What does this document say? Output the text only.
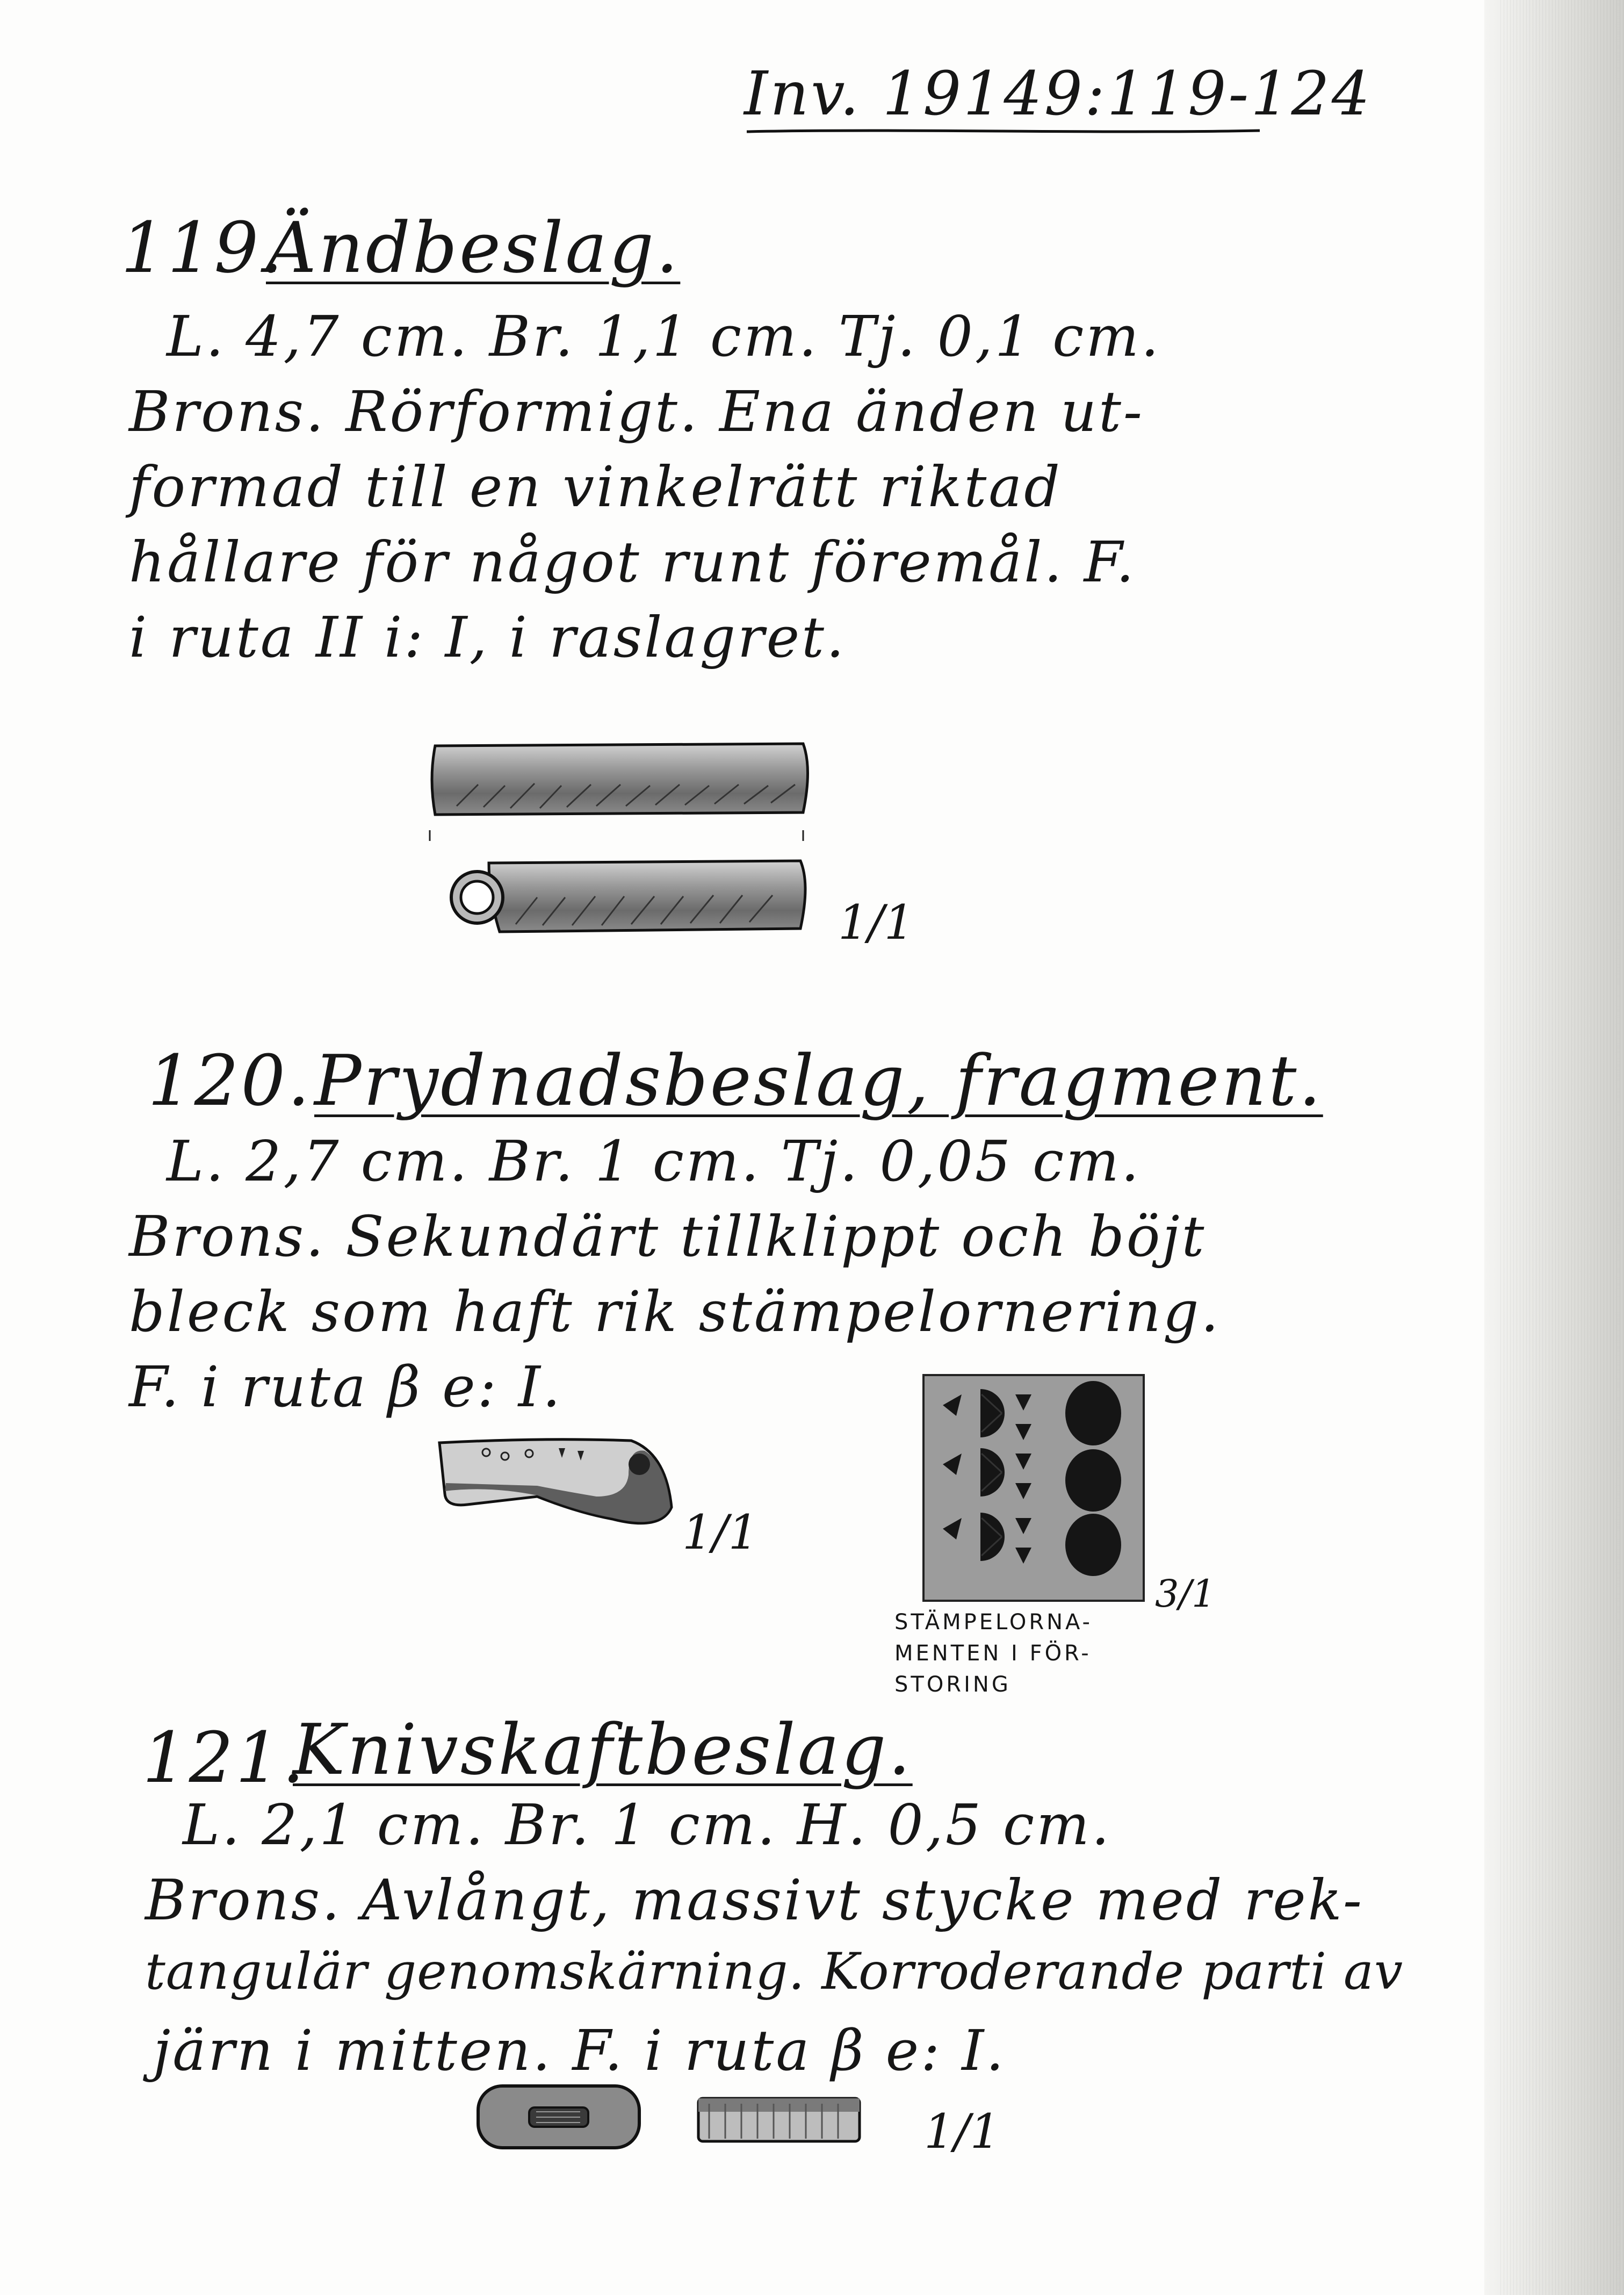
Inv. 19149:119-124
119.
Ändbeslag.
L. 4,7 cm. Br. 1,1 cm. Tj. 0,1 cm.
Brons. Rörformigt. Ena änden ut-
formad till en vinkelrätt riktad
hållare för något runt föremål. F.
i ruta II i: I, i raslagret.
1/1
120. Prydnadsbeslag, fragment.
L. 2,7 cm. Br. 1 cm. Tj. 0,05 cm.
Brons. Sekundärt tillklippt och böjt
bleck som haft rik stämpelornering.
F. i ruta β e: I.
1/1
3/1
STÄMPELORNA-
MENTEN I FÖR-
STORING
121.
Knivskaftbeslag.
L. 2,1 cm. Br. 1 cm. H. 0,5 cm.
Brons. Avlångt, massivt stycke med rek-
tangulär genomskärning. Korroderande parti av
järn i mitten. F. i ruta β e: I.
1/1
